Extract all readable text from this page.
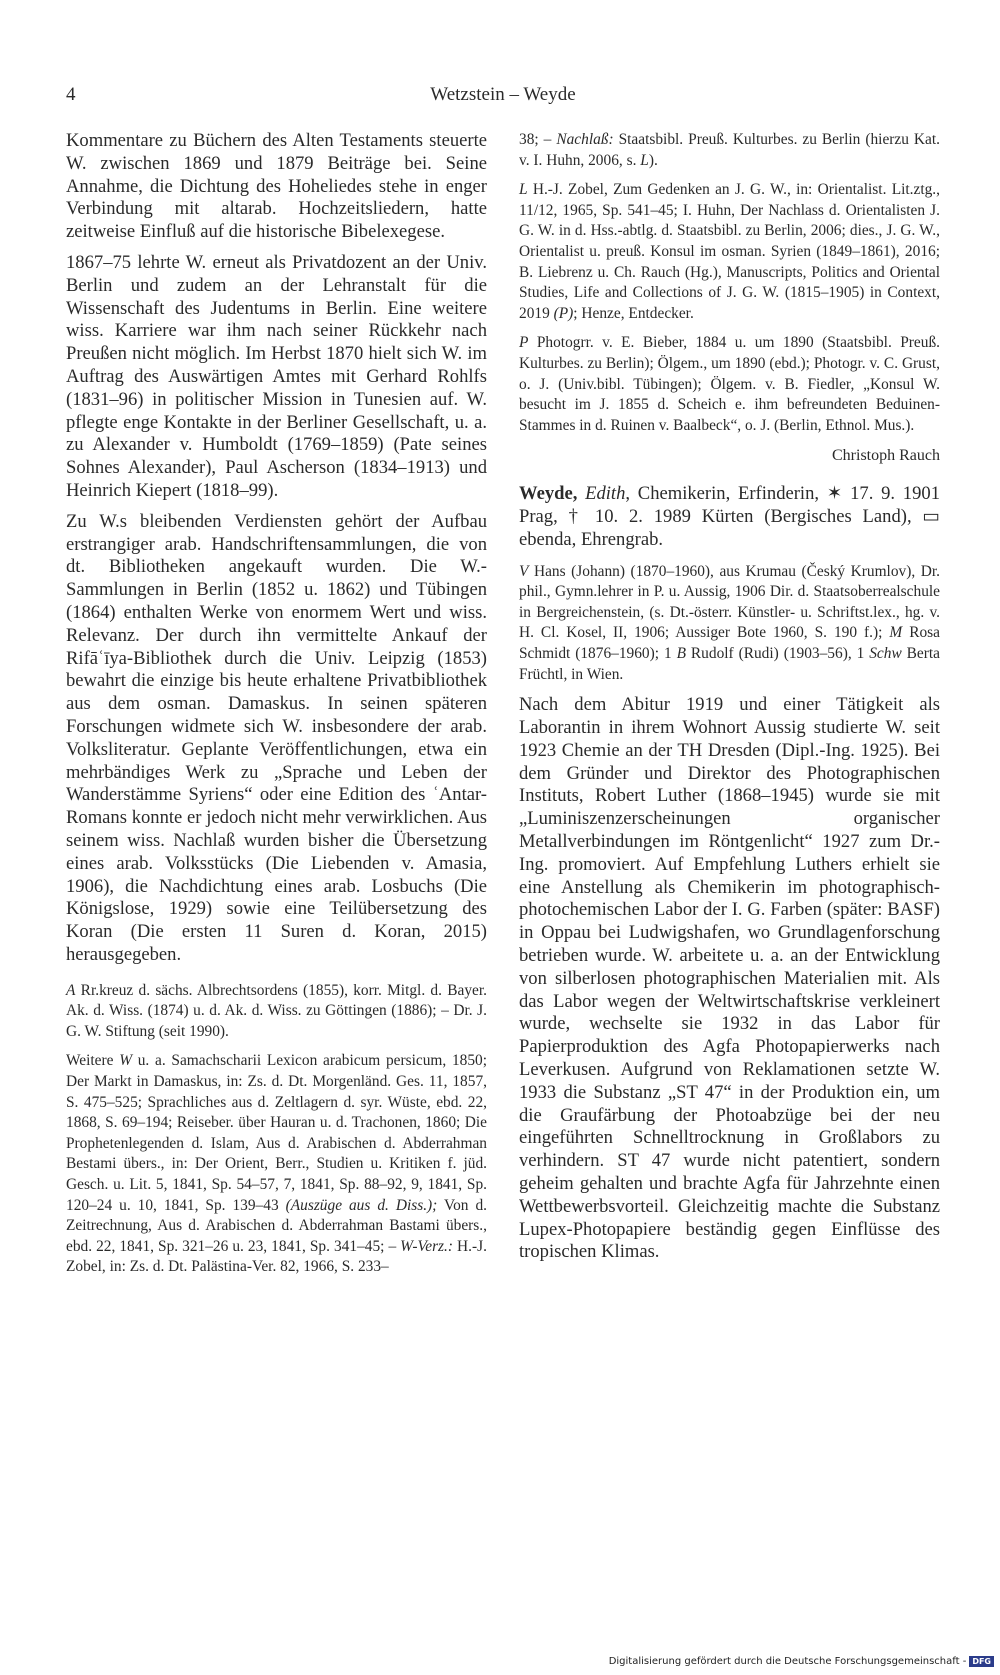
4	Wetzstein – Weyde

Kommentare zu Büchern des Alten Testaments steuerte W. zwischen 1869 und 1879 Beiträge bei. Seine Annahme, die Dichtung des Hoheliedes stehe in enger Verbindung mit altarab. Hochzeitsliedern, hatte zeitweise Einfluß auf die historische Bibelexegese.

1867–75 lehrte W. erneut als Privatdozent an der Univ. Berlin und zudem an der Lehranstalt für die Wissenschaft des Judentums in Berlin. Eine weitere wiss. Karriere war ihm nach seiner Rückkehr nach Preußen nicht möglich. Im Herbst 1870 hielt sich W. im Auftrag des Auswärtigen Amtes mit Gerhard Rohlfs (1831–96) in politischer Mission in Tunesien auf. W. pflegte enge Kontakte in der Berliner Gesellschaft, u. a. zu Alexander v. Humboldt (1769–1859) (Pate seines Sohnes Alexander), Paul Ascherson (1834–1913) und Heinrich Kiepert (1818–99).

Zu W.s bleibenden Verdiensten gehört der Aufbau erstrangiger arab. Handschriftensammlungen, die von dt. Bibliotheken angekauft wurden. Die W.-Sammlungen in Berlin (1852 u. 1862) und Tübingen (1864) enthalten Werke von enormem Wert und wiss. Relevanz. Der durch ihn vermittelte Ankauf der Rifāʿīya-Bibliothek durch die Univ. Leipzig (1853) bewahrt die einzige bis heute erhaltene Privatbibliothek aus dem osman. Damaskus. In seinen späteren Forschungen widmete sich W. insbesondere der arab. Volksliteratur. Geplante Veröffentlichungen, etwa ein mehrbändiges Werk zu „Sprache und Leben der Wanderstämme Syriens“ oder eine Edition des ʿAntar-Romans konnte er jedoch nicht mehr verwirklichen. Aus seinem wiss. Nachlaß wurden bisher die Übersetzung eines arab. Volksstücks (Die Liebenden v. Amasia, 1906), die Nachdichtung eines arab. Losbuchs (Die Königslose, 1929) sowie eine Teilübersetzung des Koran (Die ersten 11 Suren d. Koran, 2015) herausgegeben.

A Rr.kreuz d. sächs. Albrechtsordens (1855), korr. Mitgl. d. Bayer. Ak. d. Wiss. (1874) u. d. Ak. d. Wiss. zu Göttingen (1886); – Dr. J. G. W. Stiftung (seit 1990).

Weitere W u. a. Samachscharii Lexicon arabicum persicum, 1850; Der Markt in Damaskus, in: Zs. d. Dt. Morgenländ. Ges. 11, 1857, S. 475–525; Sprachliches aus d. Zeltlagern d. syr. Wüste, ebd. 22, 1868, S. 69–194; Reiseber. über Hauran u. d. Trachonen, 1860; Die Prophetenlegenden d. Islam, Aus d. Arabischen d. Abderrahman Bestami übers., in: Der Orient, Berr., Studien u. Kritiken f. jüd. Gesch. u. Lit. 5, 1841, Sp. 54–57, 7, 1841, Sp. 88–92, 9, 1841, Sp. 120–24 u. 10, 1841, Sp. 139–43 (Auszüge aus d. Diss.); Von d. Zeitrechnung, Aus d. Arabischen d. Abderrahman Bastami übers., ebd. 22, 1841, Sp. 321–26 u. 23, 1841, Sp. 341–45; – W-Verz.: H.-J. Zobel, in: Zs. d. Dt. Palästina-Ver. 82, 1966, S. 233–

38; – Nachlaß: Staatsbibl. Preuß. Kulturbes. zu Berlin (hierzu Kat. v. I. Huhn, 2006, s. L).

L H.-J. Zobel, Zum Gedenken an J. G. W., in: Orientalist. Lit.ztg., 11/12, 1965, Sp. 541–45; I. Huhn, Der Nachlass d. Orientalisten J. G. W. in d. Hss.-abtlg. d. Staatsbibl. zu Berlin, 2006; dies., J. G. W., Orientalist u. preuß. Konsul im osman. Syrien (1849–1861), 2016; B. Liebrenz u. Ch. Rauch (Hg.), Manuscripts, Politics and Oriental Studies, Life and Collections of J. G. W. (1815–1905) in Context, 2019 (P); Henze, Entdecker.

P Photogrr. v. E. Bieber, 1884 u. um 1890 (Staatsbibl. Preuß. Kulturbes. zu Berlin); Ölgem., um 1890 (ebd.); Photogr. v. C. Grust, o. J. (Univ.bibl. Tübingen); Ölgem. v. B. Fiedler, „Konsul W. besucht im J. 1855 d. Scheich e. ihm befreundeten Beduinen-Stammes in d. Ruinen v. Baalbeck“, o. J. (Berlin, Ethnol. Mus.).

Christoph Rauch

Weyde, Edith, Chemikerin, Erfinderin, ✶ 17. 9. 1901 Prag, † 10. 2. 1989 Kürten (Bergisches Land), ▭ ebenda, Ehrengrab.

V Hans (Johann) (1870–1960), aus Krumau (Český Krumlov), Dr. phil., Gymn.lehrer in P. u. Aussig, 1906 Dir. d. Staatsoberrealschule in Bergreichenstein, (s. Dt.-österr. Künstler- u. Schriftst.lex., hg. v. H. Cl. Kosel, II, 1906; Aussiger Bote 1960, S. 190 f.); M Rosa Schmidt (1876–1960); 1 B Rudolf (Rudi) (1903–56), 1 Schw Berta Früchtl, in Wien.

Nach dem Abitur 1919 und einer Tätigkeit als Laborantin in ihrem Wohnort Aussig studierte W. seit 1923 Chemie an der TH Dresden (Dipl.-Ing. 1925). Bei dem Gründer und Direktor des Photographischen Instituts, Robert Luther (1868–1945) wurde sie mit „Luminiszenzerscheinungen organischer Metallverbindungen im Röntgenlicht“ 1927 zum Dr.-Ing. promoviert. Auf Empfehlung Luthers erhielt sie eine Anstellung als Chemikerin im photographisch-photochemischen Labor der I. G. Farben (später: BASF) in Oppau bei Ludwigshafen, wo Grundlagenforschung betrieben wurde. W. arbeitete u. a. an der Entwicklung von silberlosen photographischen Materialien mit. Als das Labor wegen der Weltwirtschaftskrise verkleinert wurde, wechselte sie 1932 in das Labor für Papierproduktion des Agfa Photopapierwerks nach Leverkusen. Aufgrund von Reklamationen setzte W. 1933 die Substanz „ST 47“ in der Produktion ein, um die Graufärbung der Photoabzüge bei der neu eingeführten Schnelltrocknung in Großlabors zu verhindern. ST 47 wurde nicht patentiert, sondern geheim gehalten und brachte Agfa für Jahrzehnte einen Wettbewerbsvorteil. Gleichzeitig machte die Substanz Lupex-Photopapiere beständig gegen Einflüsse des tropischen Klimas.

Digitalisierung gefördert durch die Deutsche Forschungsgemeinschaft - DFG
